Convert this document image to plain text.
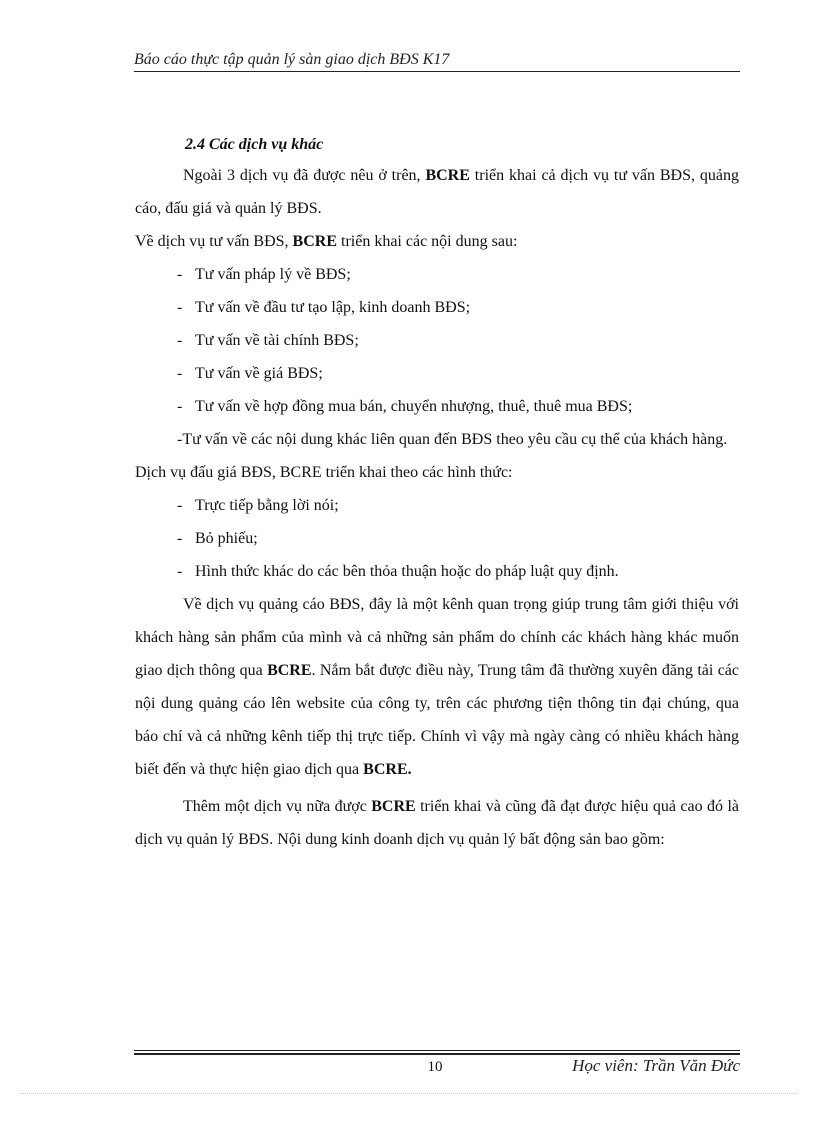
Báo cáo thực tập quản lý sàn giao dịch BĐS K17

2.4 Các dịch vụ khác

Ngoài 3 dịch vụ đã được nêu ở trên, BCRE triển khai cả dịch vụ tư vấn BĐS, quảng cáo, đấu giá và quản lý BĐS.

Về dịch vụ tư vấn BĐS, BCRE triển khai các nội dung sau:

- Tư vấn pháp lý về BĐS;

- Tư vấn về đầu tư tạo lập, kinh doanh BĐS;

- Tư vấn về tài chính BĐS;

- Tư vấn về giá BĐS;

- Tư vấn về hợp đồng mua bán, chuyển nhượng, thuê, thuê mua BĐS;

-Tư vấn về các nội dung khác liên quan đến BĐS theo yêu cầu cụ thể của khách hàng.

Dịch vụ đấu giá BĐS, BCRE triển khai theo các hình thức:

- Trực tiếp bằng lời nói;

- Bỏ phiếu;

- Hình thức khác do các bên thỏa thuận hoặc do pháp luật quy định.

Về dịch vụ quảng cáo BĐS, đây là một kênh quan trọng giúp trung tâm giới thiệu với khách hàng sản phẩm của mình và cả những sản phẩm do chính các khách hàng khác muốn giao dịch thông qua BCRE. Nắm bắt được điều này, Trung tâm đã thường xuyên đăng tải các nội dung quảng cáo lên website của công ty, trên các phương tiện thông tin đại chúng, qua báo chí và cả những kênh tiếp thị trực tiếp. Chính vì vậy mà ngày càng có nhiều khách hàng biết đến và thực hiện giao dịch qua BCRE.

Thêm một dịch vụ nữa được BCRE triển khai và cũng đã đạt được hiệu quả cao đó là dịch vụ quản lý BĐS. Nội dung kinh doanh dịch vụ quản lý bất động sản bao gồm:

10	Học viên: Trần Văn Đức
